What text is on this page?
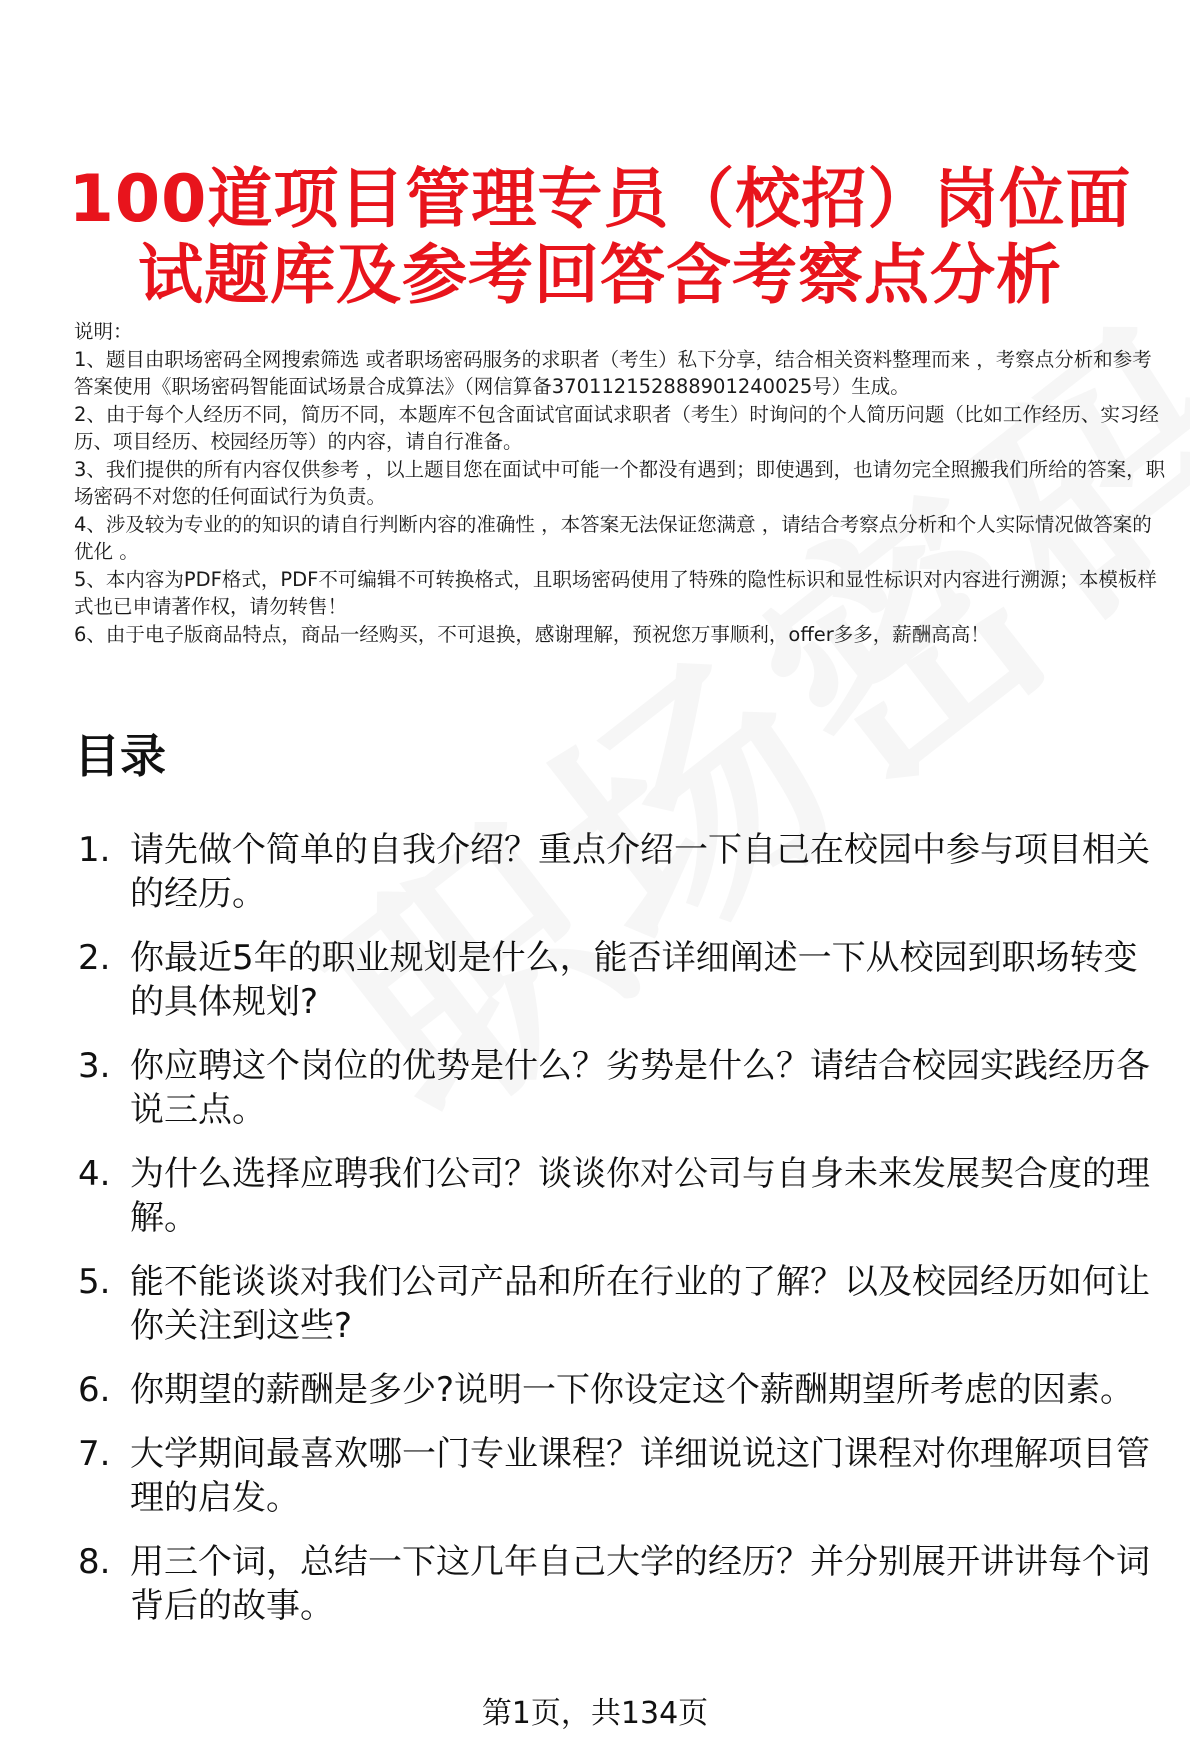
100道项目管理专员（校招）岗位面
试题库及参考回答含考察点分析

说明：

1、题目由职场密码全网搜索筛选 或者职场密码服务的求职者（考生）私下分享，结合相关资料整理而来 ，考察点分析和参考答案使用《职场密码智能面试场景合成算法》（网信算备370112152888901240025号）生成。

2、由于每个人经历不同，简历不同，本题库不包含面试官面试求职者（考生）时询问的个人简历问题（比如工作经历、实习经历、项目经历、校园经历等）的内容，请自行准备。

3、我们提供的所有内容仅供参考 ，以上题目您在面试中可能一个都没有遇到；即使遇到，也请勿完全照搬我们所给的答案，职场密码不对您的任何面试行为负责。

4、涉及较为专业的的知识的请自行判断内容的准确性 ，本答案无法保证您满意 ，请结合考察点分析和个人实际情况做答案的优化 。

5、本内容为PDF格式，PDF不可编辑不可转换格式，且职场密码使用了特殊的隐性标识和显性标识对内容进行溯源；本模板样式也已申请著作权，请勿转售！

6、由于电子版商品特点，商品一经购买，不可退换，感谢理解，预祝您万事顺利，offer多多，薪酬高高！

目录
1. 请先做个简单的自我介绍？重点介绍一下自己在校园中参与项目相关的经历。
2. 你最近5年的职业规划是什么，能否详细阐述一下从校园到职场转变的具体规划?
3. 你应聘这个岗位的优势是什么？劣势是什么？请结合校园实践经历各说三点。
4. 为什么选择应聘我们公司？谈谈你对公司与自身未来发展契合度的理解。
5. 能不能谈谈对我们公司产品和所在行业的了解？以及校园经历如何让你关注到这些?
6. 你期望的薪酬是多少?说明一下你设定这个薪酬期望所考虑的因素。
7. 大学期间最喜欢哪一门专业课程？详细说说这门课程对你理解项目管理的启发。
8. 用三个词，总结一下这几年自己大学的经历？并分别展开讲讲每个词背后的故事。
第1页，共134页
